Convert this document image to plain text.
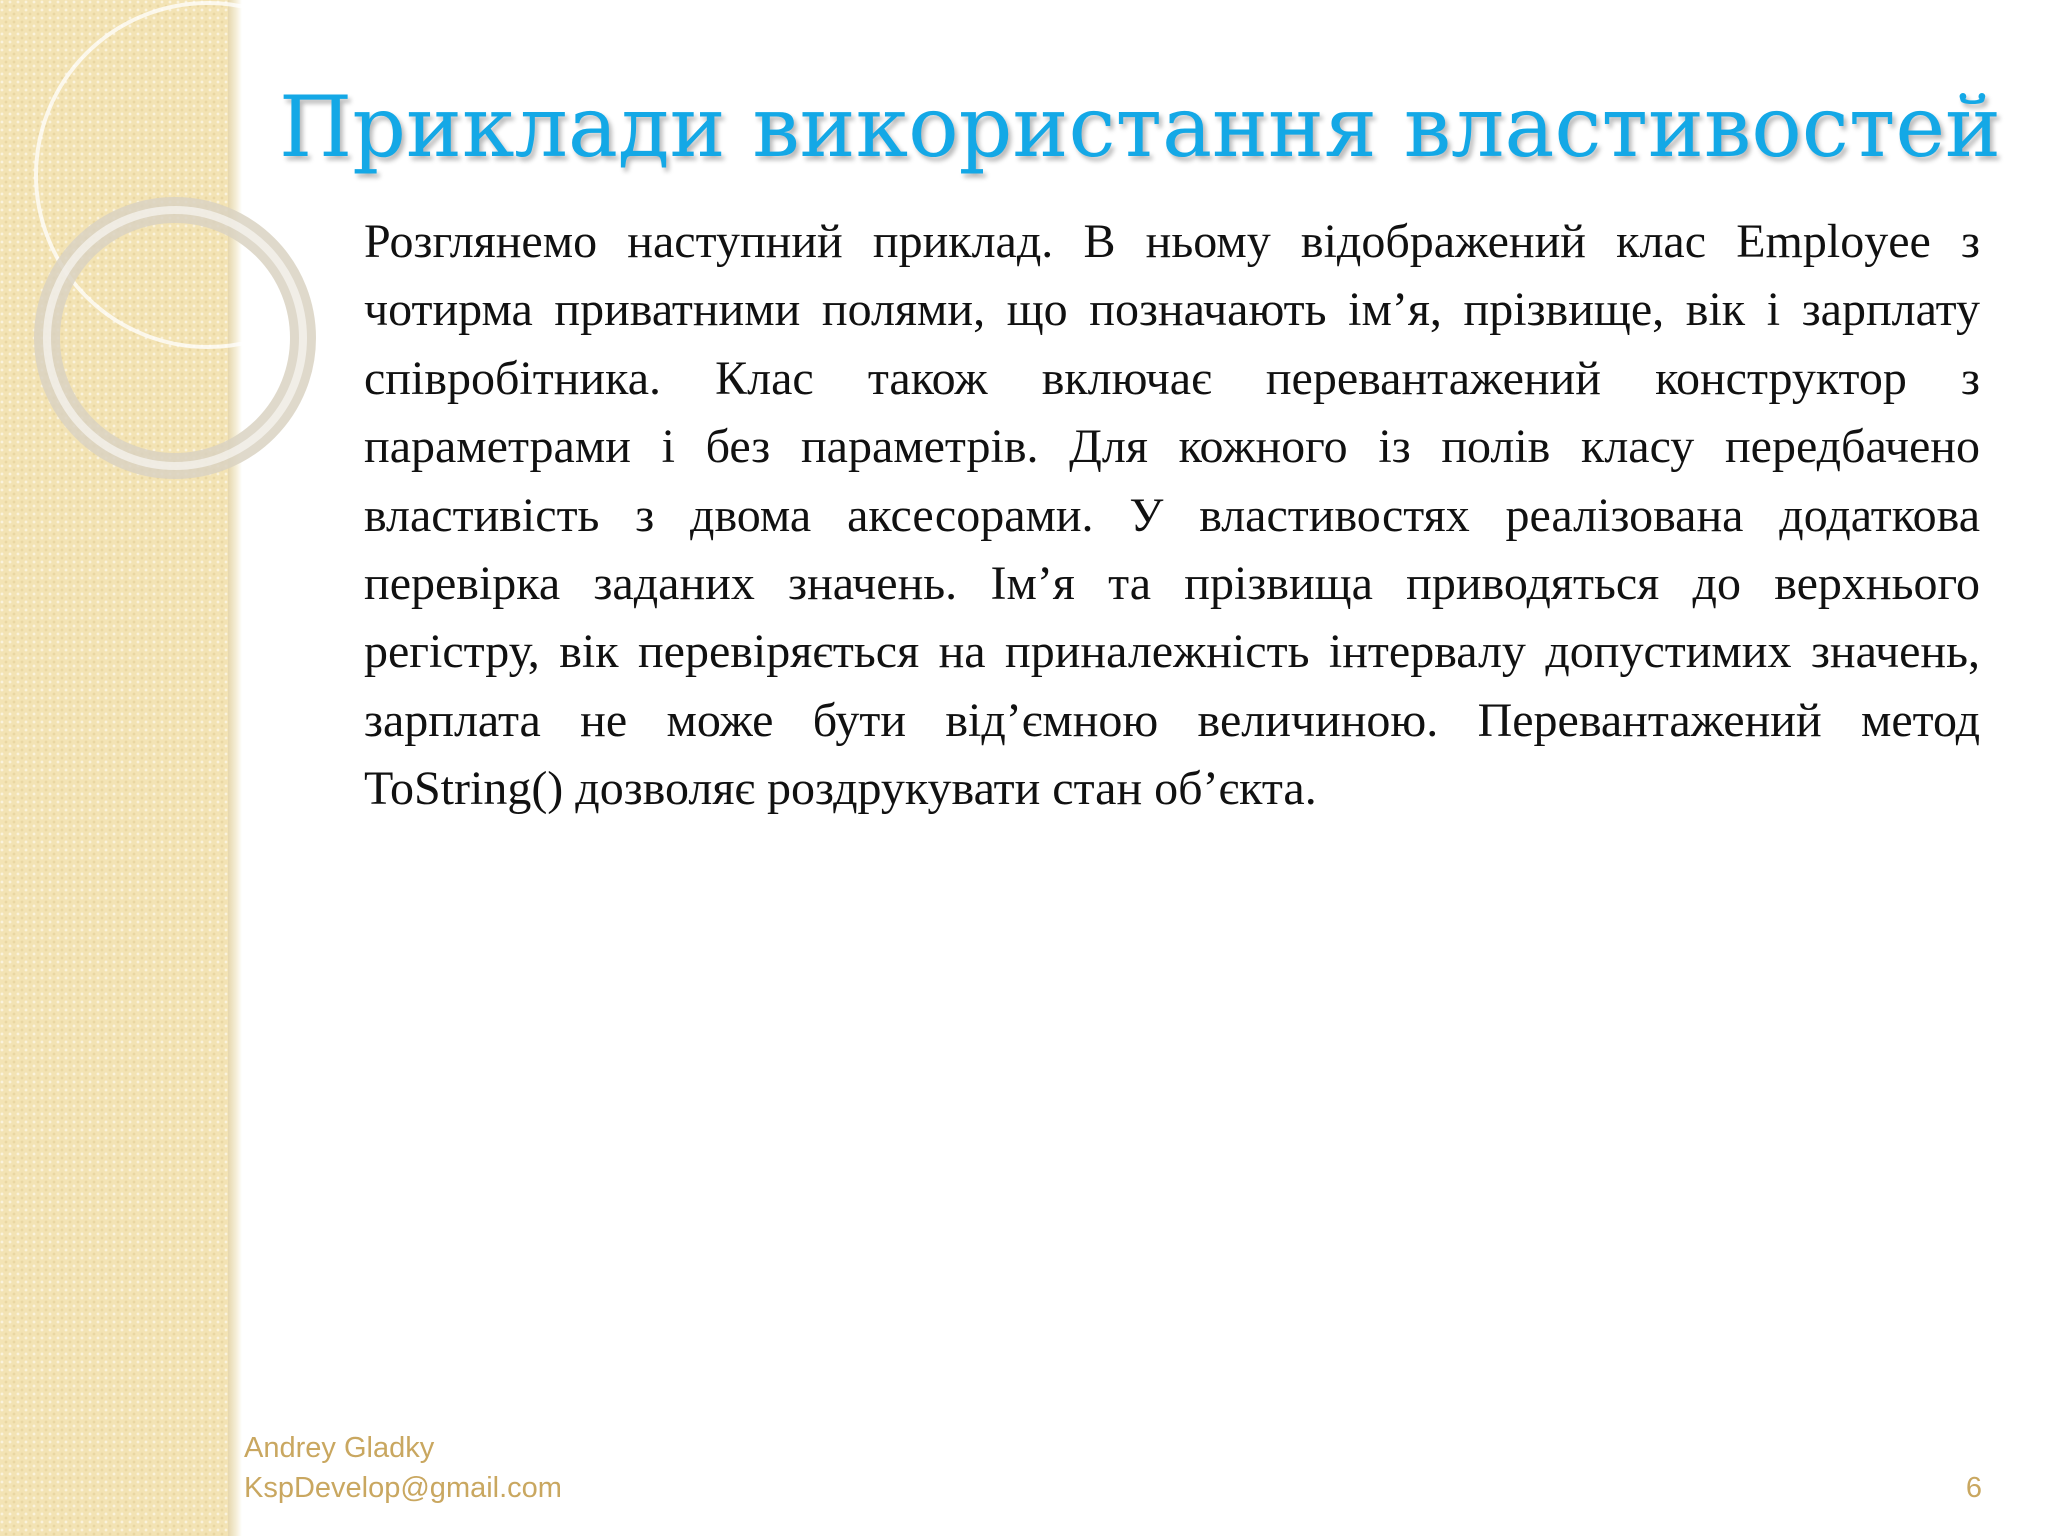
Приклади використання властивостей

Розглянемо наступний приклад. В ньому відображений клас Employee з чотирма приватними полями, що позначають ім’я, прізвище, вік і зарплату співробітника. Клас також включає перевантажений конструктор з параметрами і без параметрів. Для кожного із полів класу передбачено властивість з двома аксесорами. У властивостях реалізована додаткова перевірка заданих значень. Ім’я та прізвища приводяться до верхнього регістру, вік перевіряється на приналежність інтервалу допустимих значень, зарплата не може бути від’ємною величиною. Перевантажений метод ToString() дозволяє роздрукувати стан об’єкта.

Andrey Gladky
KspDevelop@gmail.com	6
